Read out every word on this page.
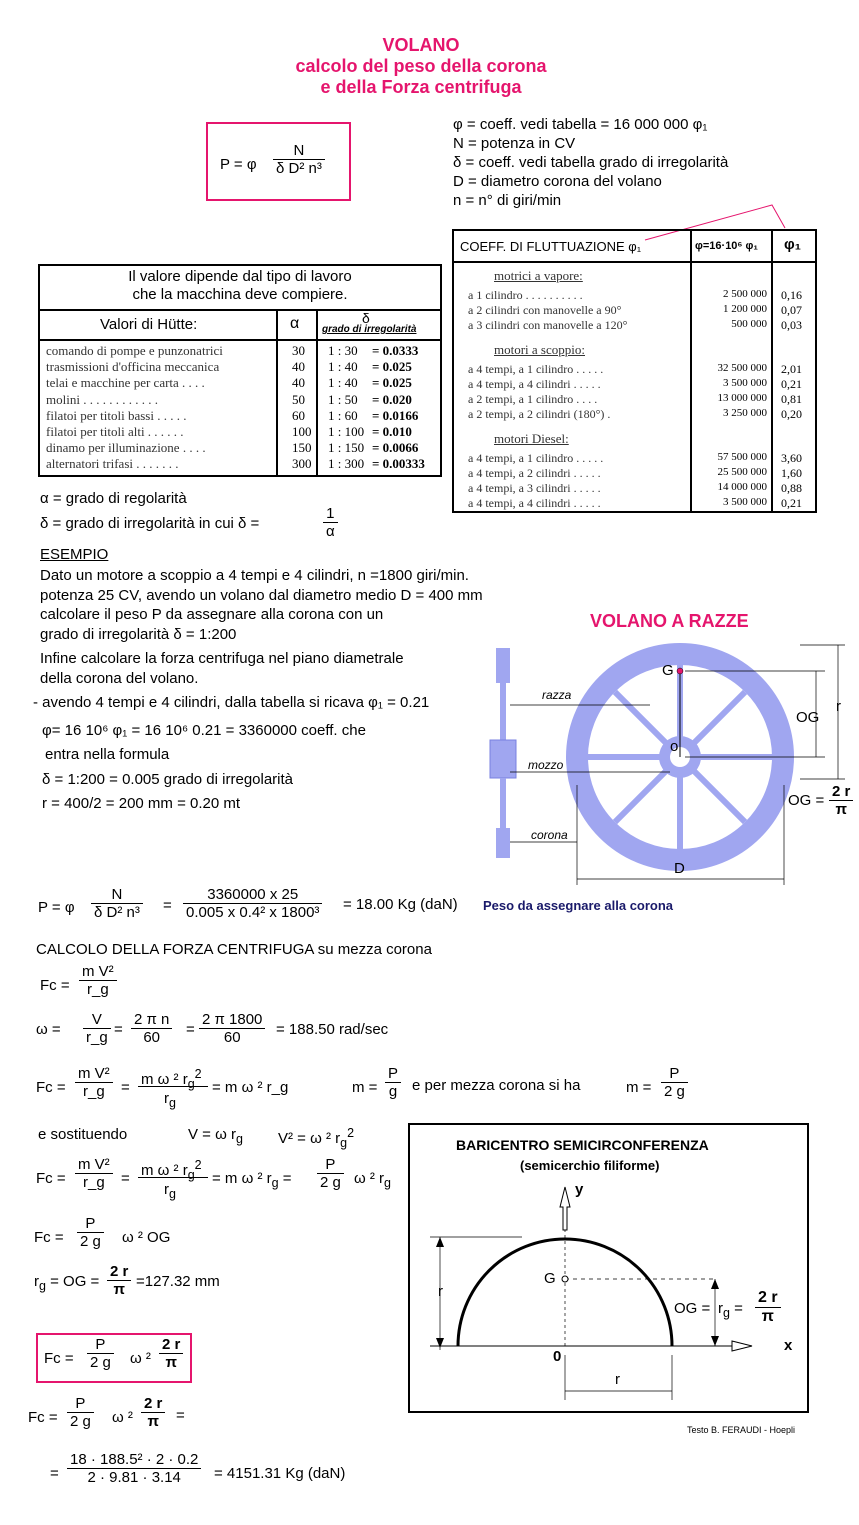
VOLANO
calcolo del peso della corona
e della Forza centrifuga
P = φ $\frac{N}{\text{δ D² n³}}$
φ = coeff. vedi tabella = 16 000 000 φ₁
N = potenza in CV
δ = coeff. vedi tabella grado di irregolarità
D = diametro corona del volano
n = n° di giri/min
Il valore dipende dal tipo di lavoro
che la macchina deve compiere.
Valori di Hütte:	α	δ
grado di irregolarità
comando di pompe e punzonatrici	30 1 : 30 = 0.0333
trasmissioni d'officina meccanica	40 1 : 40 = 0.025
telai e macchine per carta . . . .	40 1 : 40 = 0.025
molini . . . . . . . . . . . .	50 1 : 50 = 0.020
filatoi per titoli bassi . . . . .	60 1 : 60 = 0.0166
filatoi per titoli alti . . . . . .	100 1 : 100 = 0.010
dinamo per illuminazione . . . .	150 1 : 150 = 0.0066
alternatori trifasi . . . . . . .	300 1 : 300 = 0.00333
COEFF. DI FLUTTUAZIONE φ₁	φ=16·10⁶ φ₁ φ₁
motrici a vapore:
a 1 cilindro . . . . . . . . . .	2 500 000 0,16
a 2 cilindri con manovelle a 90°	1 200 000 0,07
a 3 cilindri con manovelle a 120°	500 000 0,03
motori a scoppio:
a 4 tempi, a 1 cilindro . . . . .	32 500 000 2,01
a 4 tempi, a 4 cilindri . . . . .	3 500 000 0,21
a 2 tempi, a 1 cilindro . . . .	13 000 000 0,81
a 2 tempi, a 2 cilindri (180°) .	3 250 000 0,20
motori Diesel:
a 4 tempi, a 1 cilindro . . . . .	57 500 000 3,60
a 4 tempi, a 2 cilindri . . . . .	25 500 000 1,60
a 4 tempi, a 3 cilindri . . . . .	14 000 000 0,88
a 4 tempi, a 4 cilindri . . . . .	3 500 000 0,21
α = grado di regolarità
δ = grado di irregolarità in cui δ =	$\frac{1}{\alpha}$
ESEMPIO
Dato un motore a scoppio a 4 tempi e 4 cilindri, n =1800 giri/min.
potenza 25 CV, avendo un volano dal diametro medio D = 400 mm
calcolare il peso P da assegnare alla corona con un
grado di irregolarità δ = 1:200
Infine calcolare la forza centrifuga nel piano diametrale
della corona del volano.
- avendo 4 tempi e 4 cilindri, dalla tabella si ricava φ₁ = 0.21
φ= 16 10⁶ φ₁ = 16 10⁶ 0.21 = 3360000 coeff. che
entra nella formula
δ = 1:200 = 0.005 grado di irregolarità
r = 400/2 = 200 mm = 0.20 mt
VOLANO A RAZZE
razza
mozzo
corona
G
o
OG
r
D
OG = $\frac{2 r}{\pi}$
P = φ $\frac{N}{\text{δ D² n³}} = \frac{3360000 x 25}{\text{0.005 x 0.4² x 1800³}} = 18.00$ Kg (daN) Peso da assegnare alla corona
CALCOLO DELLA FORZA CENTRIFUGA su mezza corona
$Fc = \frac{\text{m V²}}{r\_g}$
$\omega = \frac{V}{r\_g} = \frac{\text{2 π n}}{60} = \frac{2 \pi 1800}{60} = 188.50$ rad/sec
$Fc = \frac{\text{m V²}}{r\_g} = m$ ω ² $r_g^2$
$r_g$
= m ω ² r_g	$m = \frac{P}{g}$ e per mezza corona si ha	$m = \frac{P}{2 g}$
e sostituendo	V = ω $r_g$ V² = ω ² $r_g^2$
$Fc = \frac{\text{m V²}}{r\_g} = m$ ω ² $r_g^2$
$r_g$
= m ω ² $r_g = \frac{P}{2 g}$ ω ² $r_g$
$Fc = \frac{P}{2 g}$ ω ² OG
$r_g$ = OG = $\frac{2 r}{\pi} =127.32$ mm
$Fc = \frac{P}{2 g}$ ω $^2 \frac{2 r}{\pi}$
$Fc = \frac{P}{2 g}$ ω $^2 \frac{2 r}{\pi}$ =
= $\frac{\text{18 · 188.5² · 2 · 0.2}}{2 \cdot 9.81 \cdot 3.14} = 4151.31$ Kg (daN)
BARICENTRO SEMICIRCONFERENZA
(semicerchio filiforme)
y
x
G
0
r
r
OG = $r_g = \frac{2 r}{\pi}$
Testo B. FERAUDI - Hoepli
